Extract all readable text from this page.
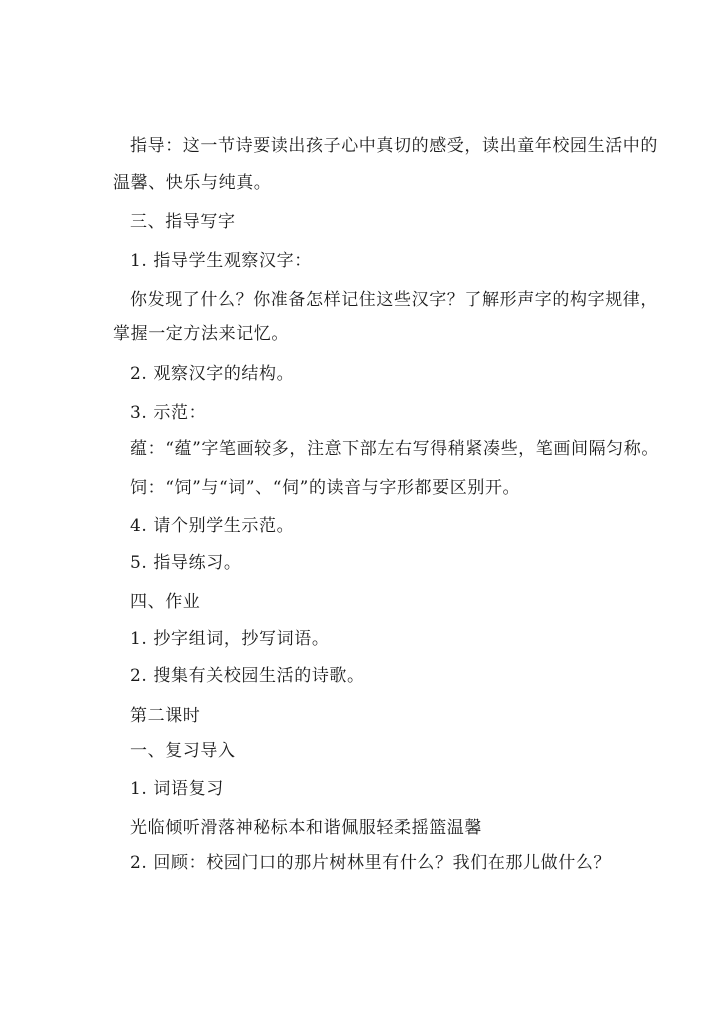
指导：这一节诗要读出孩子心中真切的感受，读出童年校园生活中的
温馨、快乐与纯真。
三、指导写字
1. 指导学生观察汉字：
你发现了什么？你准备怎样记住这些汉字？了解形声字的构字规律，
掌握一定方法来记忆。
2. 观察汉字的结构。
3. 示范：
蕴：“蕴”字笔画较多，注意下部左右写得稍紧凑些，笔画间隔匀称。
饲：“饲”与“词”、“伺”的读音与字形都要区别开。
4. 请个别学生示范。
5. 指导练习。
四、作业
1. 抄字组词，抄写词语。
2. 搜集有关校园生活的诗歌。
第二课时
一、复习导入
1. 词语复习
光临倾听滑落神秘标本和谐佩服轻柔摇篮温馨
2. 回顾：校园门口的那片树林里有什么？我们在那儿做什么？
